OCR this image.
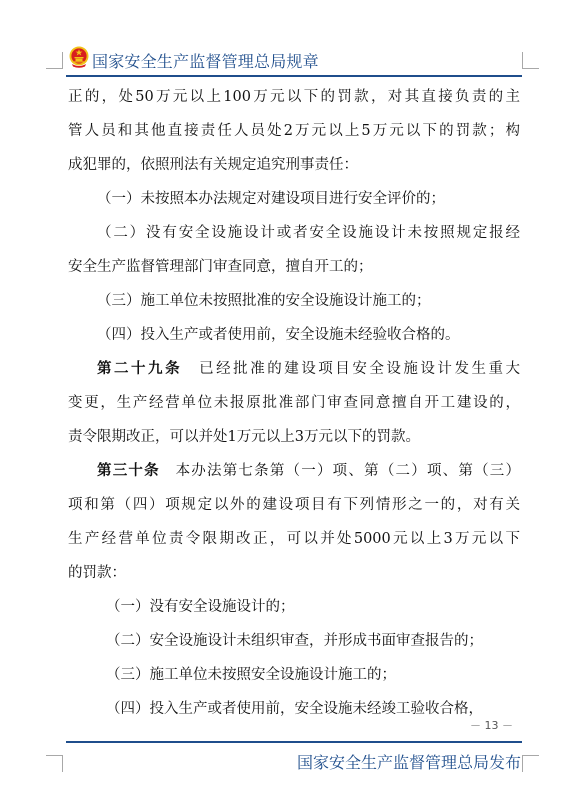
国家安全生产监督管理总局规章
正的，处50万元以上100万元以下的罚款，对其直接负责的主
管人员和其他直接责任人员处2万元以上5万元以下的罚款；构
成犯罪的，依照刑法有关规定追究刑事责任：
（一）未按照本办法规定对建设项目进行安全评价的；
（二）没有安全设施设计或者安全设施设计未按照规定报经
安全生产监督管理部门审查同意，擅自开工的；
（三）施工单位未按照批准的安全设施设计施工的；
（四）投入生产或者使用前，安全设施未经验收合格的。
第二十九条　已经批准的建设项目安全设施设计发生重大
变更，生产经营单位未报原批准部门审查同意擅自开工建设的，
责令限期改正，可以并处1万元以上3万元以下的罚款。
第三十条　本办法第七条第（一）项、第（二）项、第（三）
项和第（四）项规定以外的建设项目有下列情形之一的，对有关
生产经营单位责令限期改正，可以并处5000元以上3万元以下
的罚款：
（一）没有安全设施设计的；
（二）安全设施设计未组织审查，并形成书面审查报告的；
（三）施工单位未按照安全设施设计施工的；
（四）投入生产或者使用前，安全设施未经竣工验收合格，
－ 13 －
国家安全生产监督管理总局发布
